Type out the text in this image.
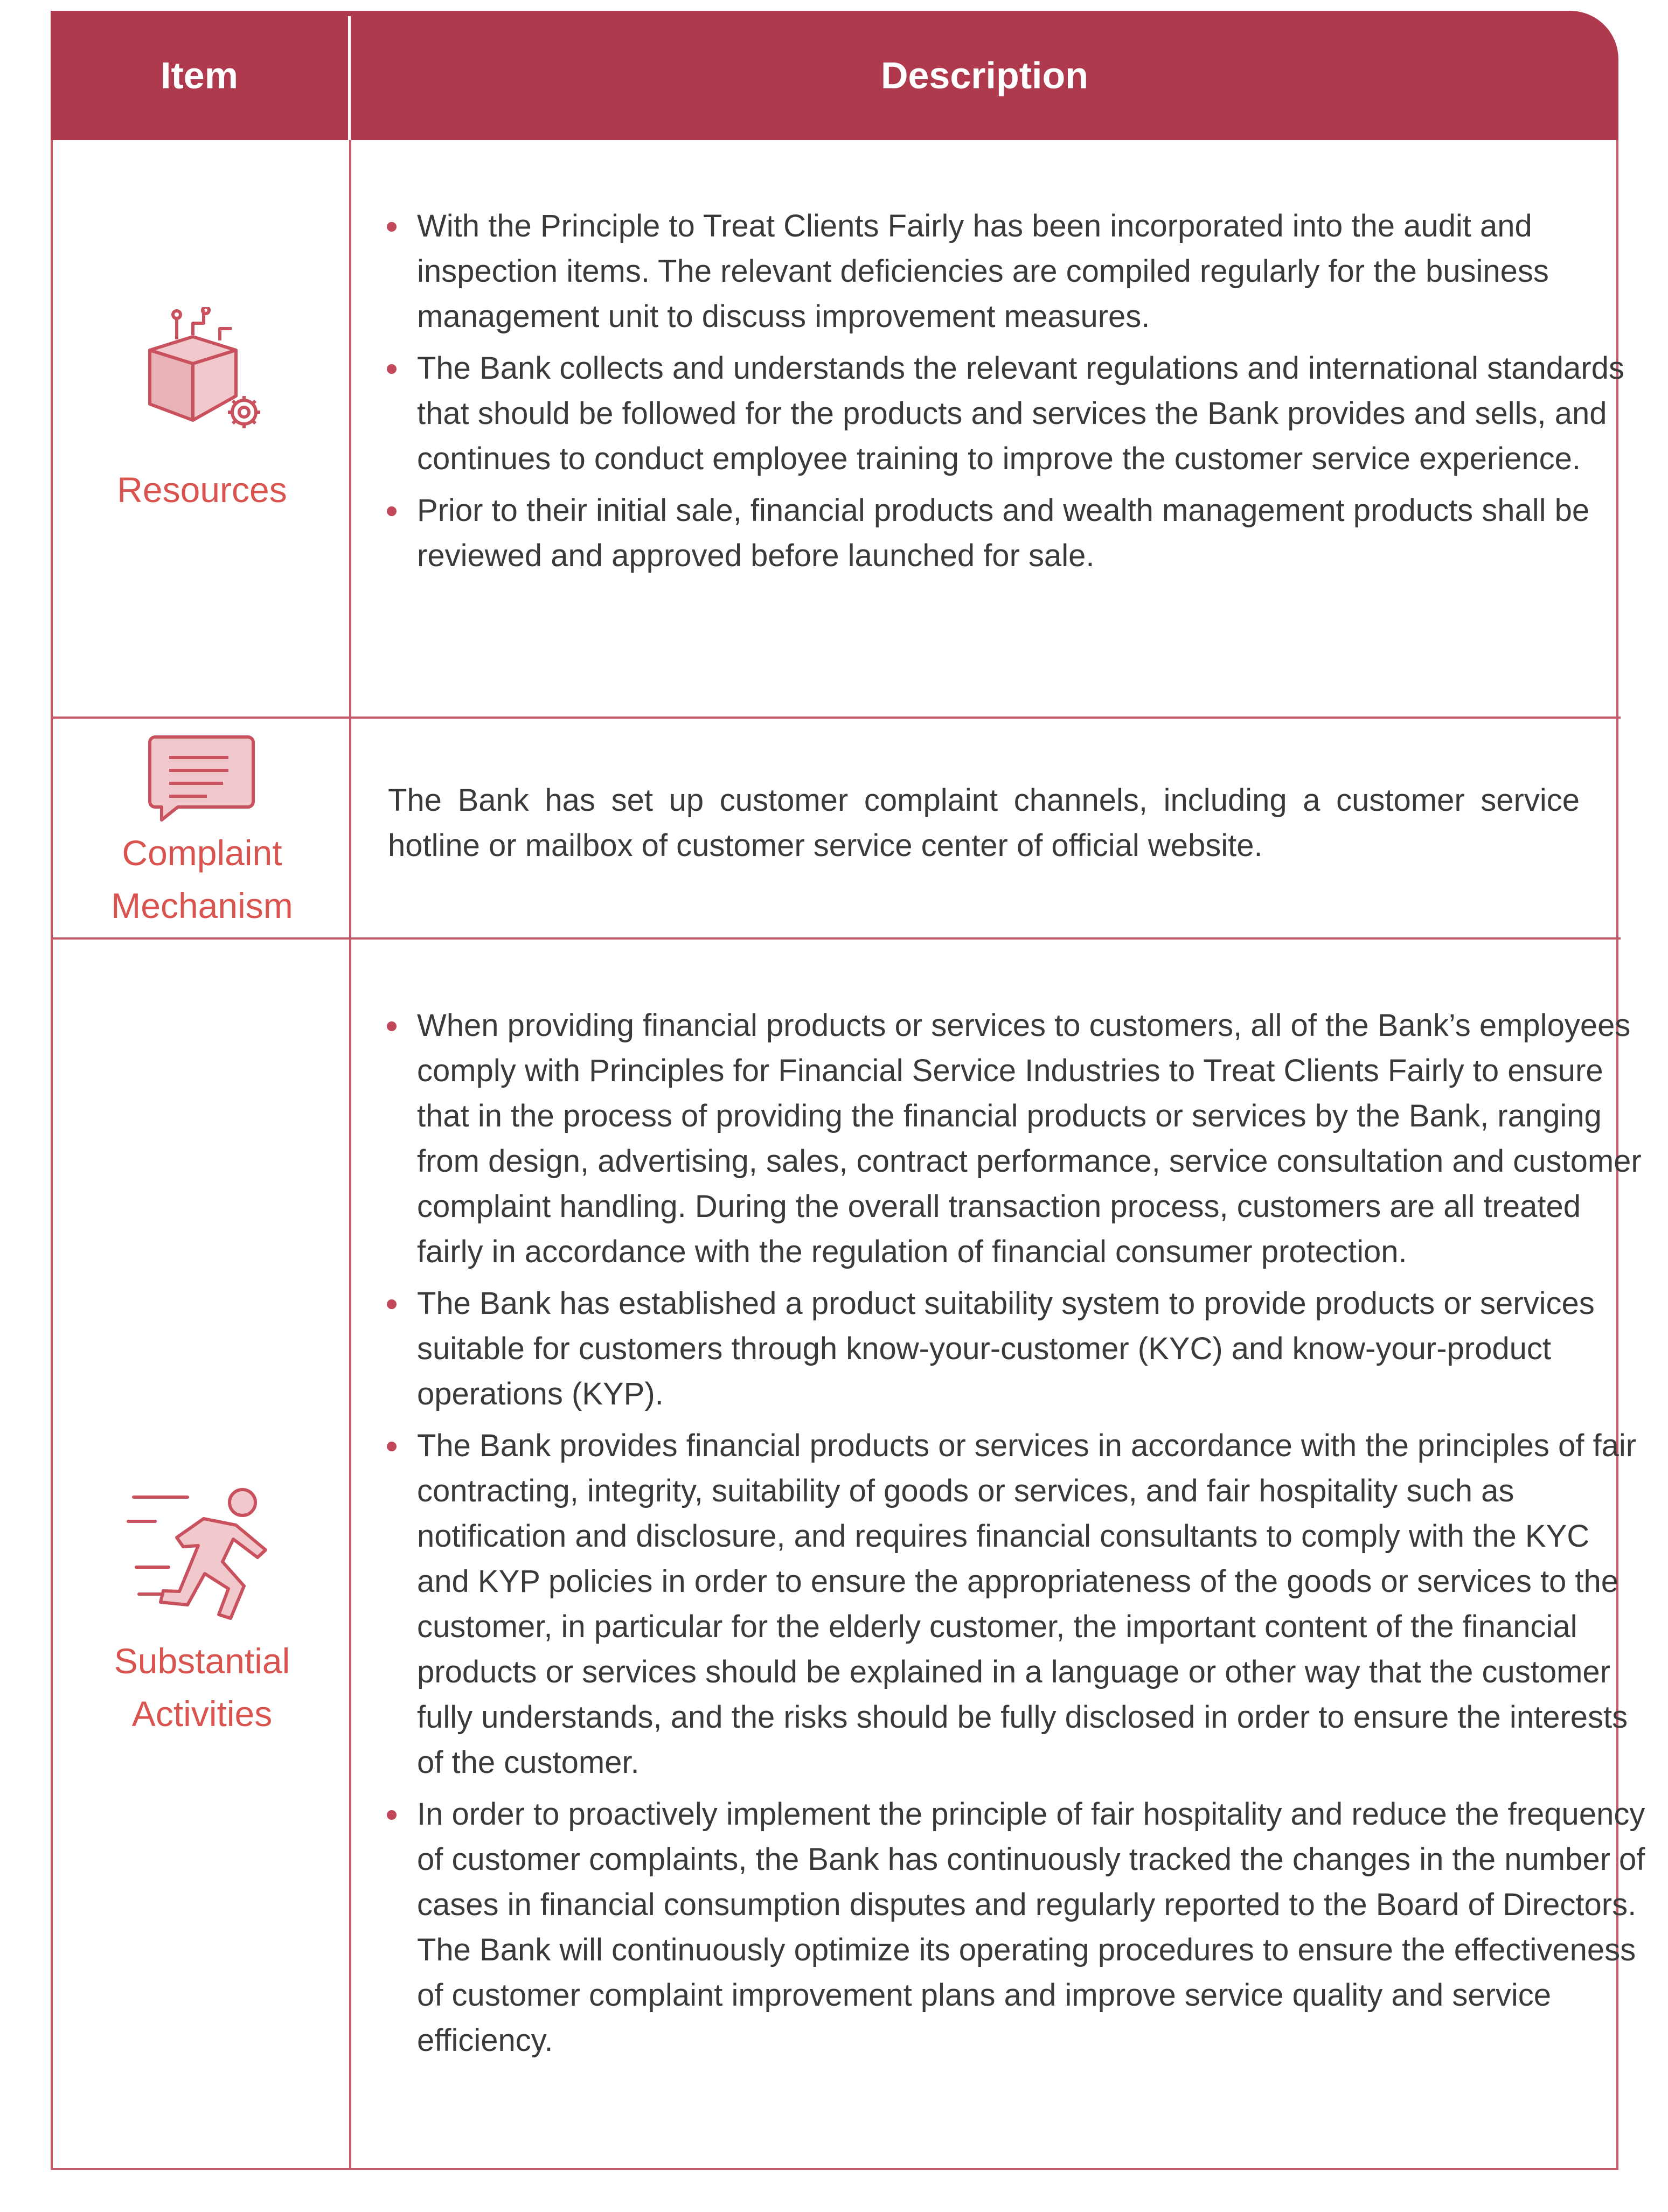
Item	Description
Resources
With the Principle to Treat Clients Fairly has been incorporated into the audit and inspection items. The relevant deficiencies are compiled regularly for the business management unit to discuss improvement measures.
The Bank collects and understands the relevant regulations and international standards that should be followed for the products and services the Bank provides and sells, and continues to conduct employee training to improve the customer service experience.
Prior to their initial sale, financial products and wealth management products shall be reviewed and approved before launched for sale.
Complaint
Mechanism
The Bank has set up customer complaint channels, including a customer service hotline or mailbox of customer service center of official website.
Substantial
Activities
When providing financial products or services to customers, all of the Bank’s employees comply with Principles for Financial Service Industries to Treat Clients Fairly to ensure that in the process of providing the financial products or services by the Bank, ranging from design, advertising, sales, contract performance, service consultation and customer complaint handling. During the overall transaction process, customers are all treated fairly in accordance with the regulation of financial consumer protection.
The Bank has established a product suitability system to provide products or services suitable for customers through know-your-customer (KYC) and know-your-product operations (KYP).
The Bank provides financial products or services in accordance with the principles of fair contracting, integrity, suitability of goods or services, and fair hospitality such as notification and disclosure, and requires financial consultants to comply with the KYC and KYP policies in order to ensure the appropriateness of the goods or services to the customer, in particular for the elderly customer, the important content of the financial products or services should be explained in a language or other way that the customer fully understands, and the risks should be fully disclosed in order to ensure the interests of the customer.
In order to proactively implement the principle of fair hospitality and reduce the frequency of customer complaints, the Bank has continuously tracked the changes in the number of cases in financial consumption disputes and regularly reported to the Board of Directors. The Bank will continuously optimize its operating procedures to ensure the effectiveness of customer complaint improvement plans and improve service quality and service efficiency.
